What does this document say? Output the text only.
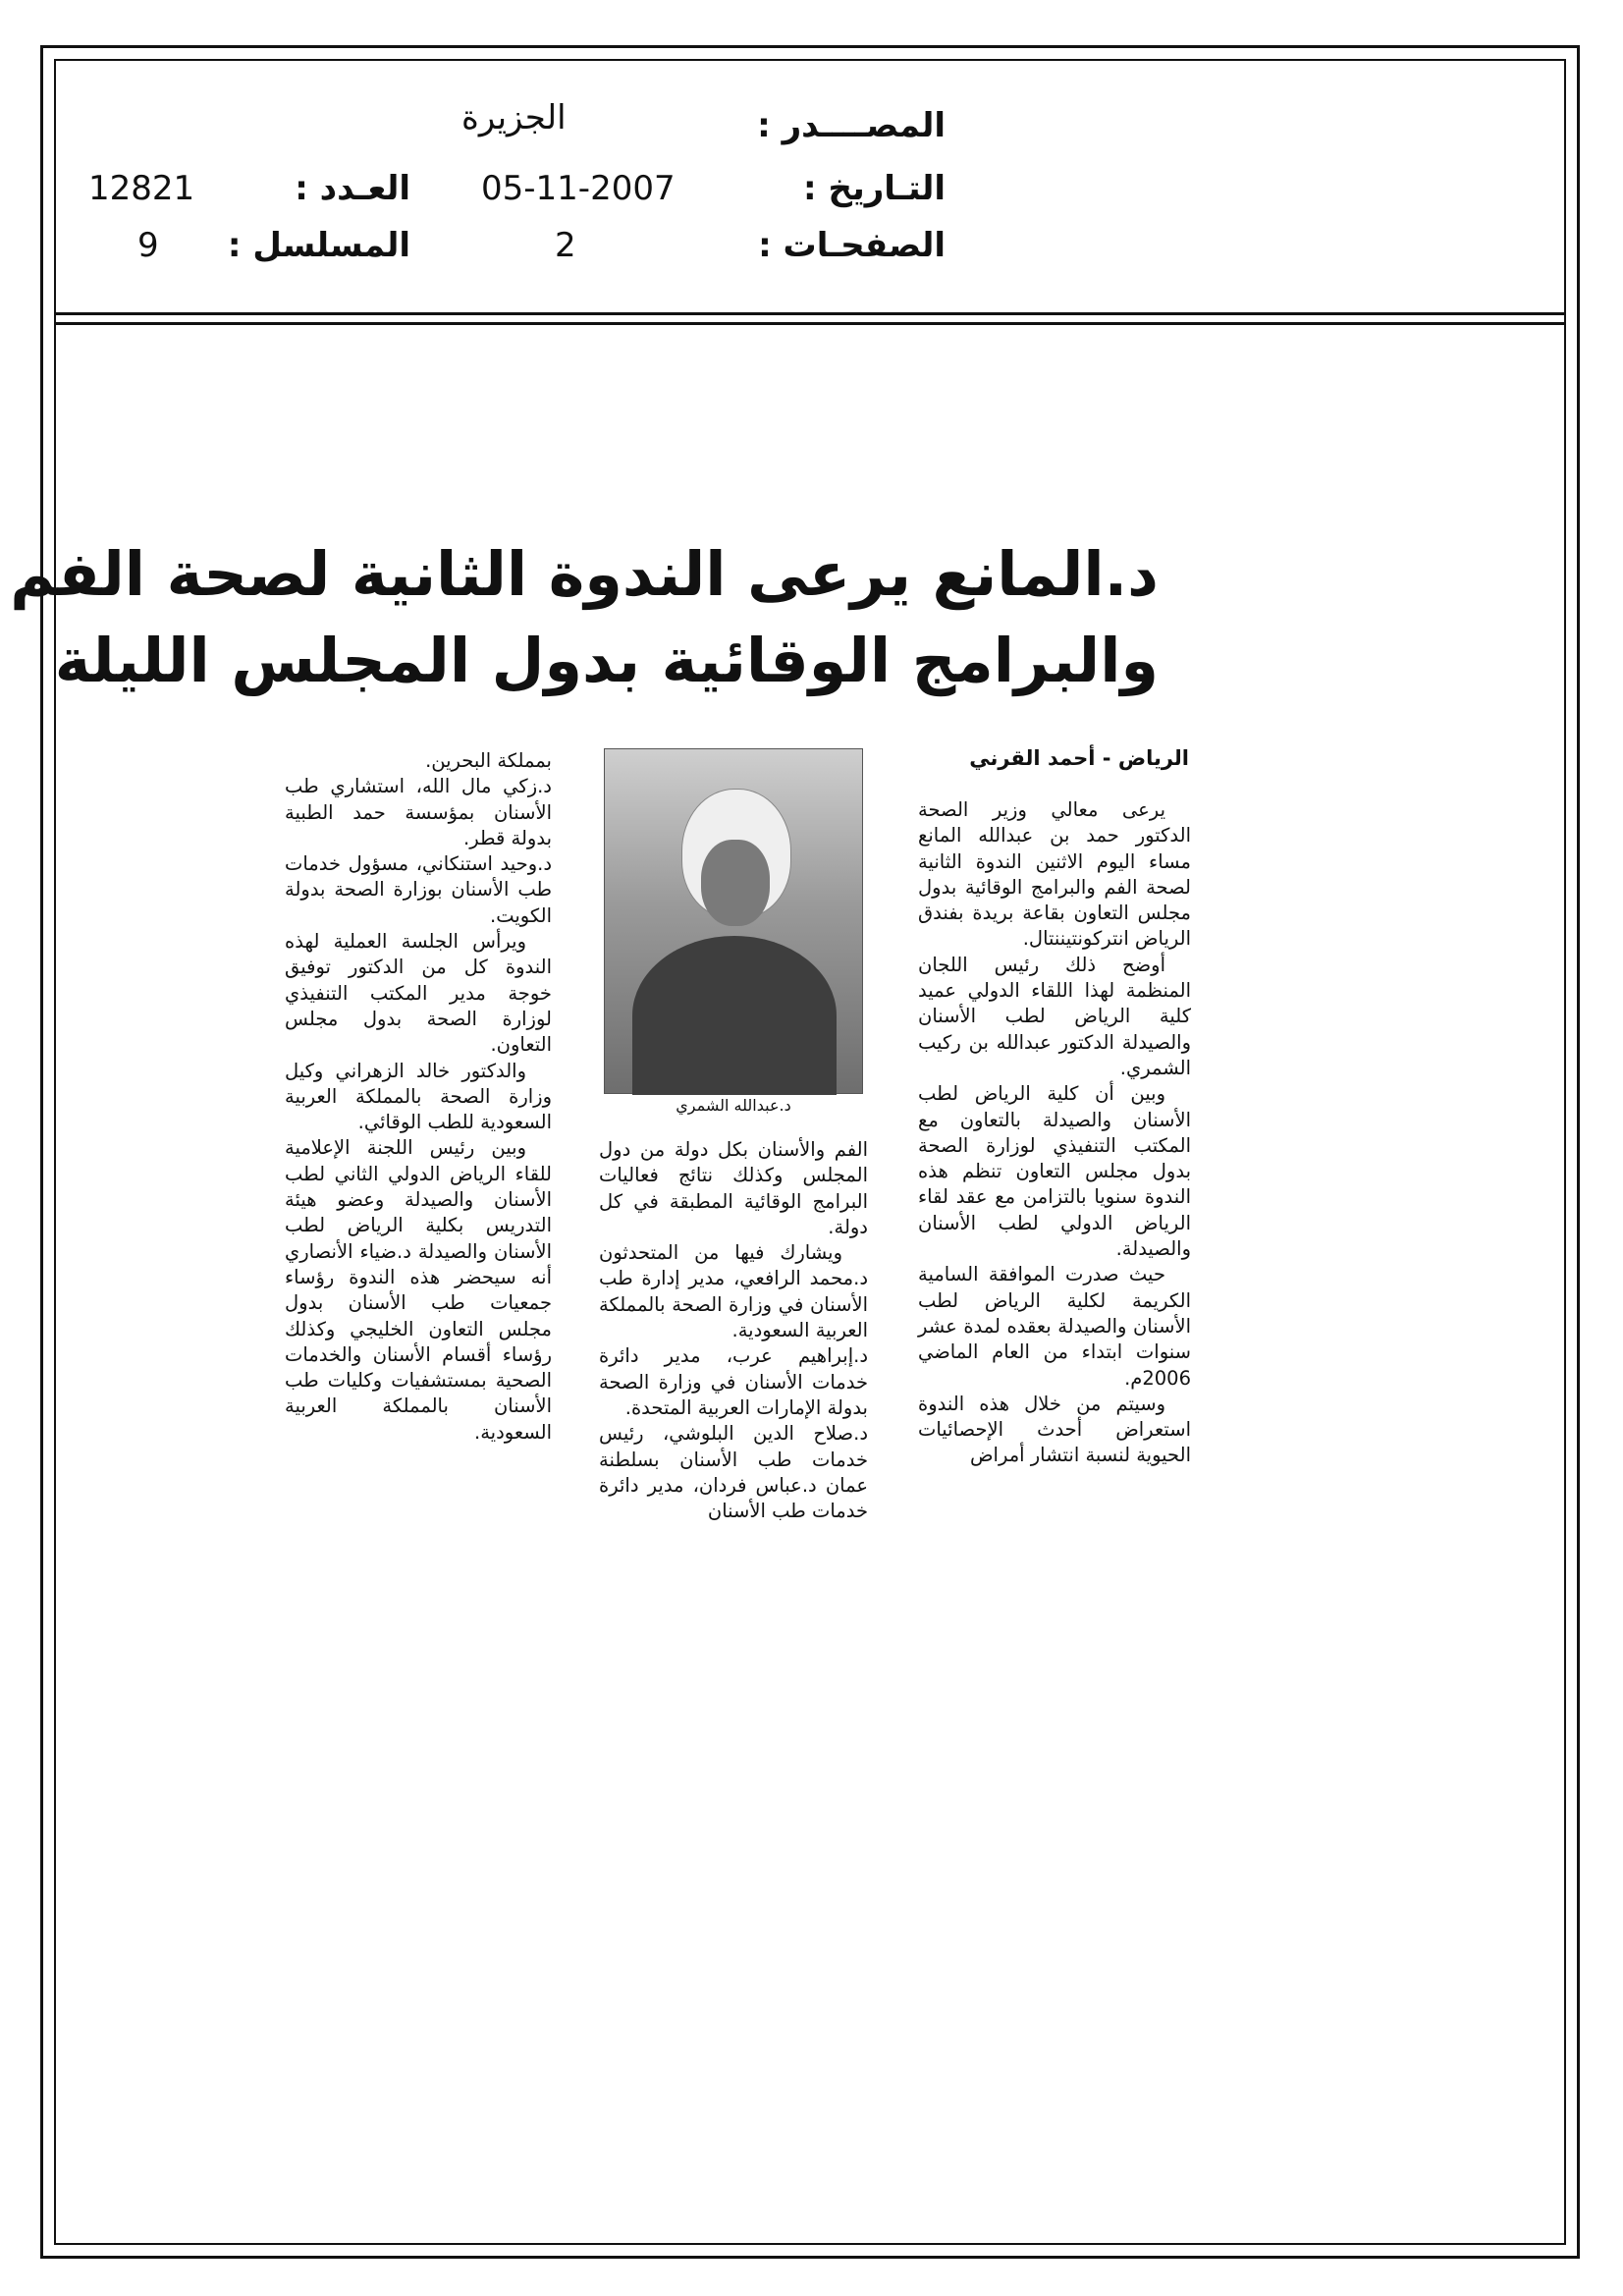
المصــــدر :
الجزيرة
التـاريخ :
05-11-2007
العـدد :
12821
الصفحـات :
2
المسلسل :
9
د.المانع يرعى الندوة الثانية لصحة الفم
والبرامج الوقائية بدول المجلس الليلة
الرياض - أحمد القرني
د.عبدالله الشمري

يرعى معالي وزير الصحة الدكتور حمد بن عبدالله المانع مساء اليوم الاثنين الندوة الثانية لصحة الفم والبرامج الوقائية بدول مجلس التعاون بقاعة بريدة بفندق الرياض انتركونتيننتال.

أوضح ذلك رئيس اللجان المنظمة لهذا اللقاء الدولي عميد كلية الرياض لطب الأسنان والصيدلة الدكتور عبدالله بن ركيب الشمري.

وبين أن كلية الرياض لطب الأسنان والصيدلة بالتعاون مع المكتب التنفيذي لوزارة الصحة بدول مجلس التعاون تنظم هذه الندوة سنويا بالتزامن مع عقد لقاء الرياض الدولي لطب الأسنان والصيدلة.

حيث صدرت الموافقة السامية الكريمة لكلية الرياض لطب الأسنان والصيدلة بعقده لمدة عشر سنوات ابتداء من العام الماضي 2006م.

وسيتم من خلال هذه الندوة استعراض أحدث الإحصائيات الحيوية لنسبة انتشار أمراض

الفم والأسنان بكل دولة من دول المجلس وكذلك نتائج فعاليات البرامج الوقائية المطبقة في كل دولة.

ويشارك فيها من المتحدثون د.محمد الرافعي، مدير إدارة طب الأسنان في وزارة الصحة بالمملكة العربية السعودية.

د.إبراهيم عرب، مدير دائرة خدمات الأسنان في وزارة الصحة بدولة الإمارات العربية المتحدة.

د.صلاح الدين البلوشي، رئيس خدمات طب الأسنان بسلطنة عمان د.عباس فردان، مدير دائرة خدمات طب الأسنان

بمملكة البحرين.

د.زكي مال الله، استشاري طب الأسنان بمؤسسة حمد الطبية بدولة قطر.

د.وحيد استنكاني، مسؤول خدمات طب الأسنان بوزارة الصحة بدولة الكويت.

ويرأس الجلسة العملية لهذه الندوة كل من الدكتور توفيق خوجة مدير المكتب التنفيذي لوزارة الصحة بدول مجلس التعاون.

والدكتور خالد الزهراني وكيل وزارة الصحة بالمملكة العربية السعودية للطب الوقائي.

وبين رئيس اللجنة الإعلامية للقاء الرياض الدولي الثاني لطب الأسنان والصيدلة وعضو هيئة التدريس بكلية الرياض لطب الأسنان والصيدلة د.ضياء الأنصاري أنه سيحضر هذه الندوة رؤساء جمعيات طب الأسنان بدول مجلس التعاون الخليجي وكذلك رؤساء أقسام الأسنان والخدمات الصحية بمستشفيات وكليات طب الأسنان بالمملكة العربية السعودية.
